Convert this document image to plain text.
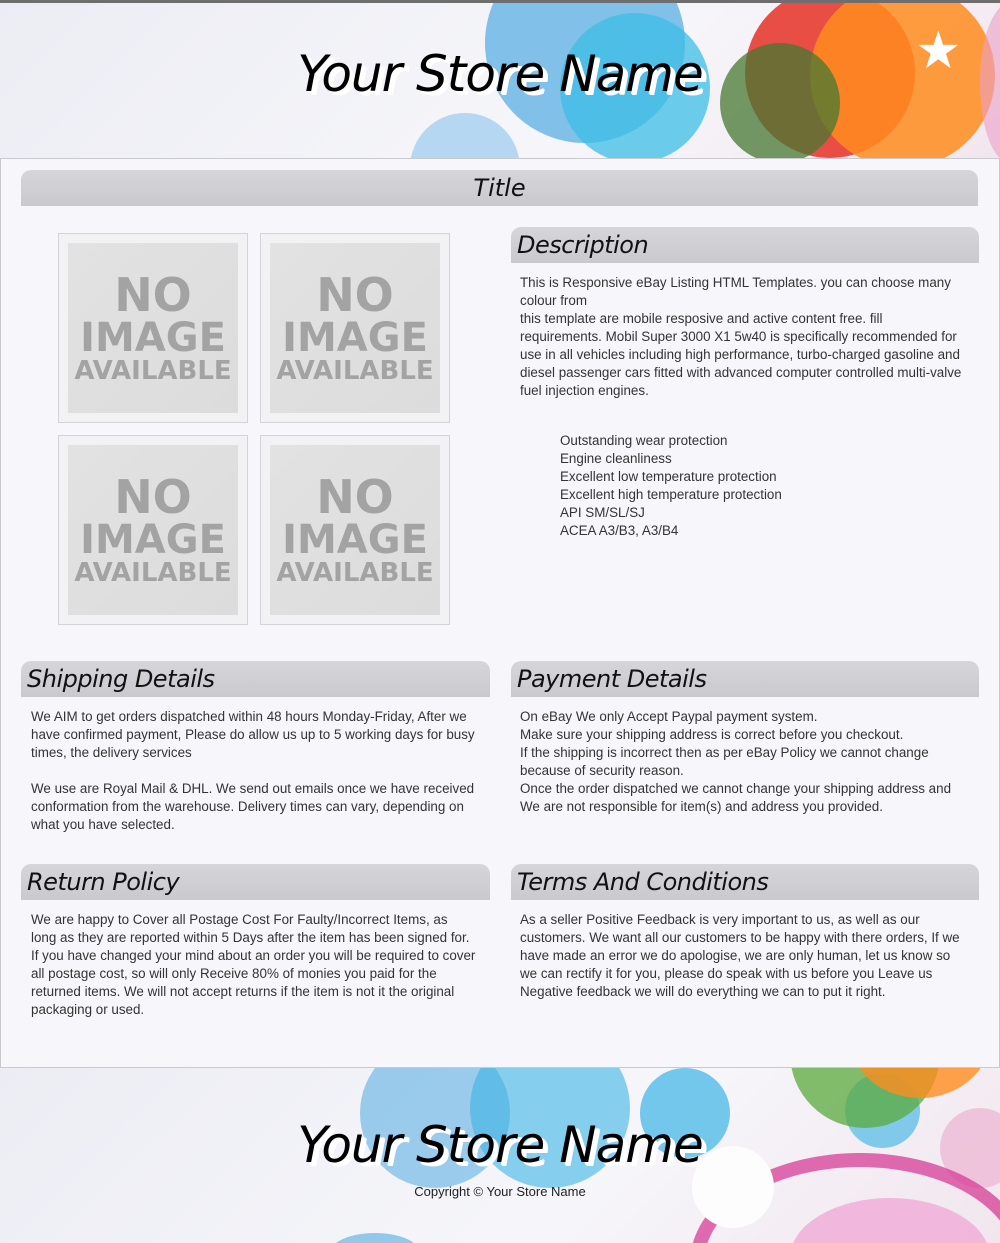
★
Your Store Name
Title
NO
IMAGE
AVAILABLE
NO
IMAGE
AVAILABLE
NO
IMAGE
AVAILABLE
NO
IMAGE
AVAILABLE
Description

This is Responsive eBay Listing HTML Templates. you can choose many colour from

this template are mobile resposive and active content free. fill requirements. Mobil Super 3000 X1 5w40 is specifically recommended for use in all vehicles including high performance, turbo-charged gasoline and diesel passenger cars fitted with advanced computer controlled multi-valve fuel injection engines.

Outstanding wear protection
Engine cleanliness
Excellent low temperature protection
Excellent high temperature protection
API SM/SL/SJ
ACEA A3/B3, A3/B4
Shipping Details

We AIM to get orders dispatched within 48 hours Monday-Friday, After we have confirmed payment, Please do allow us up to 5 working days for busy times, the delivery services

We use are Royal Mail & DHL. We send out emails once we have received conformation from the warehouse. Delivery times can vary, depending on what you have selected.

Payment Details

On eBay We only Accept Paypal payment system.

Make sure your shipping address is correct before you checkout.

If the shipping is incorrect then as per eBay Policy we cannot change because of security reason.

Once the order dispatched we cannot change your shipping address and We are not responsible for item(s) and address you provided.

Return Policy

We are happy to Cover all Postage Cost For Faulty/Incorrect Items, as long as they are reported within 5 Days after the item has been signed for. If you have changed your mind about an order you will be required to cover all postage cost, so will only Receive 80% of monies you paid for the returned items. We will not accept returns if the item is not it the original packaging or used.

Terms And Conditions

As a seller Positive Feedback is very important to us, as well as our customers. We want all our customers to be happy with there orders, If we have made an error we do apologise, we are only human, let us know so we can rectify it for you, please do speak with us before you Leave us Negative feedback we will do everything we can to put it right.

Your Store Name
Copyright © Your Store Name
